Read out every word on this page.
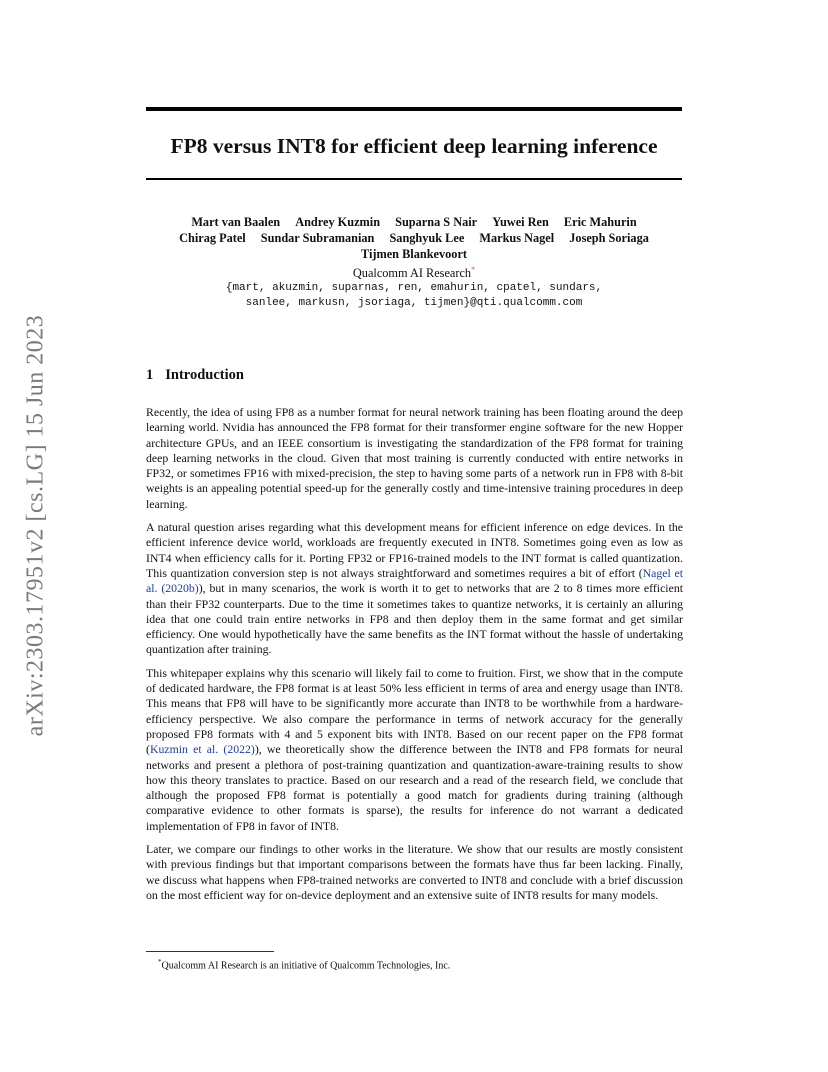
arXiv:2303.17951v2 [cs.LG] 15 Jun 2023
FP8 versus INT8 for efficient deep learning inference
Mart van Baalen Andrey Kuzmin Suparna S Nair Yuwei Ren Eric Mahurin
Chirag Patel Sundar Subramanian Sanghyuk Lee Markus Nagel Joseph Soriaga
Tijmen Blankevoort
Qualcomm AI Research*
{mart, akuzmin, suparnas, ren, emahurin, cpatel, sundars,
sanlee, markusn, jsoriaga, tijmen}@qti.qualcomm.com
1 Introduction

Recently, the idea of using FP8 as a number format for neural network training has been floating around the deep learning world. Nvidia has announced the FP8 format for their transformer engine software for the new Hopper architecture GPUs, and an IEEE consortium is investigating the standardization of the FP8 format for training deep learning networks in the cloud. Given that most training is currently conducted with entire networks in FP32, or sometimes FP16 with mixed-precision, the step to having some parts of a network run in FP8 with 8-bit weights is an appealing potential speed-up for the generally costly and time-intensive training procedures in deep learning.

A natural question arises regarding what this development means for efficient inference on edge devices. In the efficient inference device world, workloads are frequently executed in INT8. Sometimes going even as low as INT4 when efficiency calls for it. Porting FP32 or FP16-trained models to the INT format is called quantization. This quantization conversion step is not always straightforward and sometimes requires a bit of effort (Nagel et al. (2020b)), but in many scenarios, the work is worth it to get to networks that are 2 to 8 times more efficient than their FP32 counterparts. Due to the time it sometimes takes to quantize networks, it is certainly an alluring idea that one could train entire networks in FP8 and then deploy them in the same format and get similar efficiency. One would hypothetically have the same benefits as the INT format without the hassle of undertaking quantization after training.

This whitepaper explains why this scenario will likely fail to come to fruition. First, we show that in the compute of dedicated hardware, the FP8 format is at least 50% less efficient in terms of area and energy usage than INT8. This means that FP8 will have to be significantly more accurate than INT8 to be worthwhile from a hardware-efficiency perspective. We also compare the performance in terms of network accuracy for the generally proposed FP8 formats with 4 and 5 exponent bits with INT8. Based on our recent paper on the FP8 format (Kuzmin et al. (2022)), we theoretically show the difference between the INT8 and FP8 formats for neural networks and present a plethora of post-training quantization and quantization-aware-training results to show how this theory translates to practice. Based on our research and a read of the research field, we conclude that although the proposed FP8 format is potentially a good match for gradients during training (although comparative evidence to other formats is sparse), the results for inference do not warrant a dedicated implementation of FP8 in favor of INT8.

Later, we compare our findings to other works in the literature. We show that our results are mostly consistent with previous findings but that important comparisons between the formats have thus far been lacking. Finally, we discuss what happens when FP8-trained networks are converted to INT8 and conclude with a brief discussion on the most efficient way for on-device deployment and an extensive suite of INT8 results for many models.

*Qualcomm AI Research is an initiative of Qualcomm Technologies, Inc.
